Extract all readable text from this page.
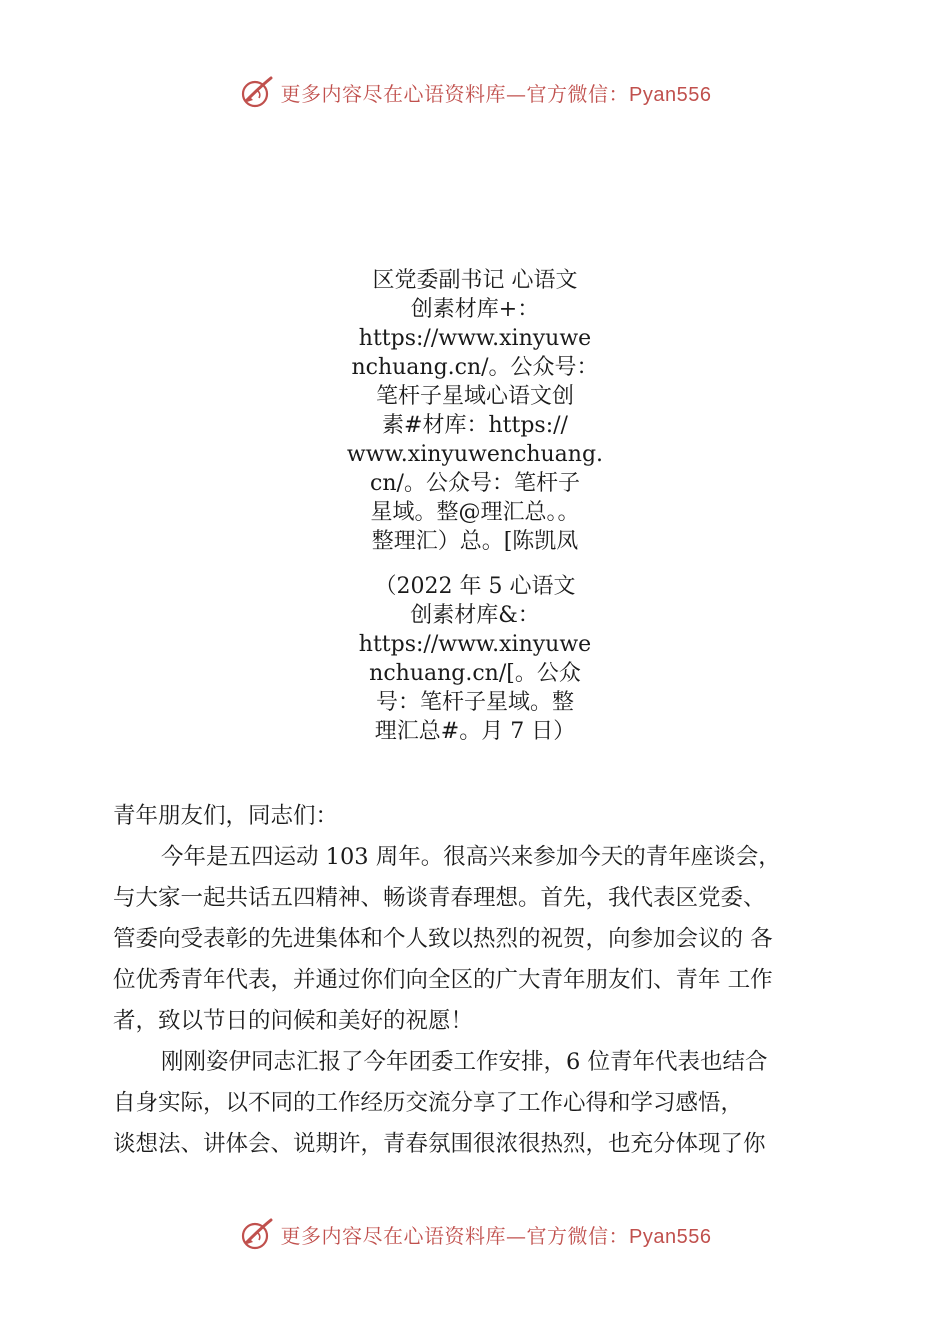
更多内容尽在心语资料库—官方微信：Pyan556
区党委副书记 心语文
创素材库+：
https://www.xinyuwe
nchuang.cn/。公众号：
笔杆子星域心语文创
素#材库：https://
www.xinyuwenchuang.
cn/。公众号：笔杆子
星域。整@理汇总。。
整理汇）总。[陈凯凤
（2022 年 5 心语文
创素材库&：
https://www.xinyuwe
nchuang.cn/[。公众
号：笔杆子星域。整
理汇总#。月 7 日）

青年朋友们，同志们：

今年是五四运动 103 周年。很高兴来参加今天的青年座谈会，
与大家一起共话五四精神、畅谈青春理想。首先，我代表区党委、
管委向受表彰的先进集体和个人致以热烈的祝贺，向参加会议的 各
位优秀青年代表，并通过你们向全区的广大青年朋友们、青年 工作
者，致以节日的问候和美好的祝愿！

刚刚姿伊同志汇报了今年团委工作安排，6 位青年代表也结合
自身实际，以不同的工作经历交流分享了工作心得和学习感悟，
谈想法、讲体会、说期许，青春氛围很浓很热烈，也充分体现了你

更多内容尽在心语资料库—官方微信：Pyan556
